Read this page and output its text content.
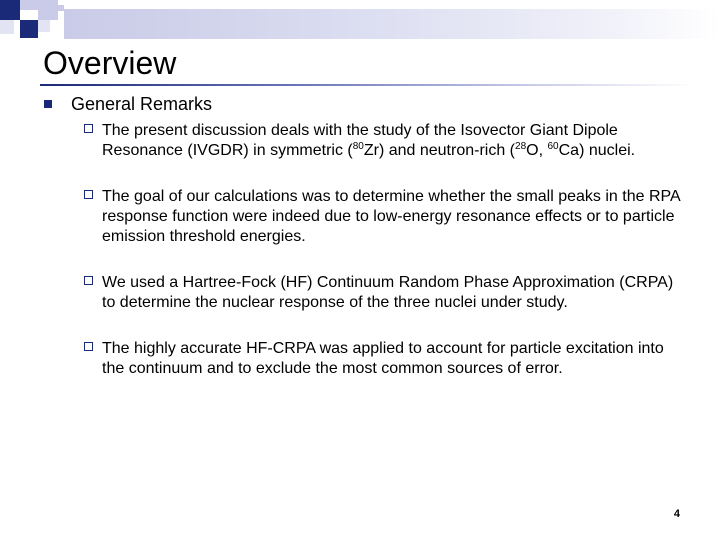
Overview
General Remarks
The present discussion deals with the study of the Isovector Giant Dipole Resonance (IVGDR) in symmetric ($^{80}$Zr) and neutron-rich ($^{28}$O, $^{60}$Ca) nuclei.
The goal of our calculations was to determine whether the small peaks in the RPA response function were indeed due to low-energy resonance effects or to particle emission threshold energies.
We used a Hartree-Fock (HF) Continuum Random Phase Approximation (CRPA) to determine the nuclear response of the three nuclei under study.
The highly accurate HF-CRPA was applied to account for particle excitation into the continuum and to exclude the most common sources of error.
4
